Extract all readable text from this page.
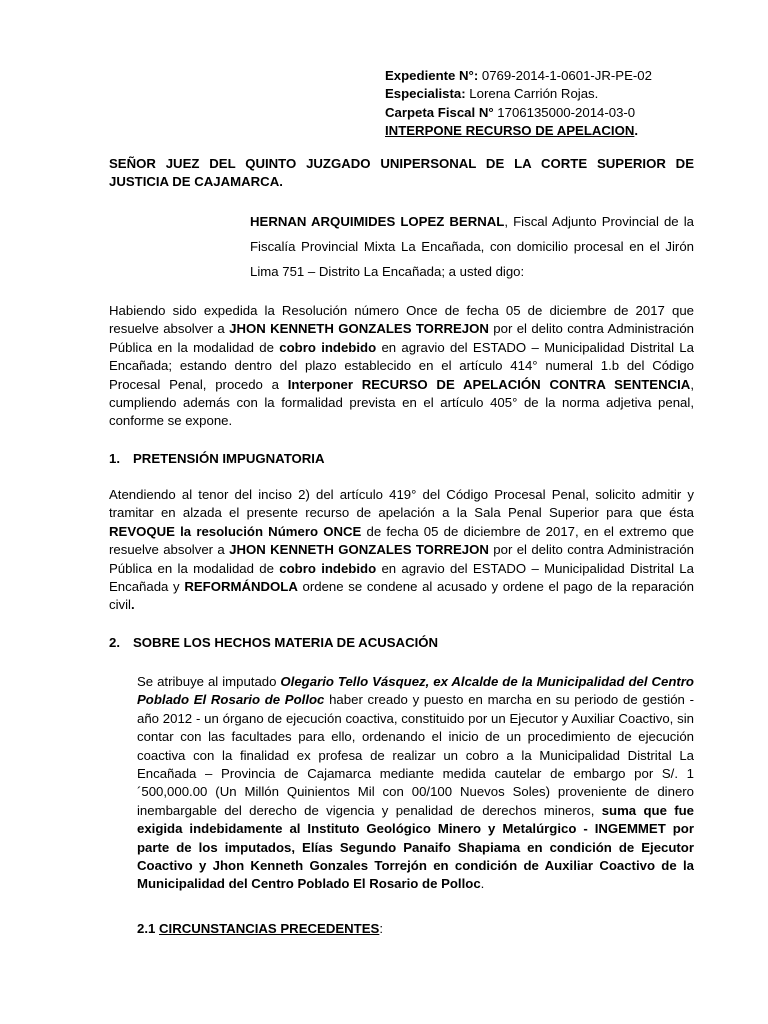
Expediente N°: 0769-2014-1-0601-JR-PE-02
Especialista: Lorena Carrión Rojas.
Carpeta Fiscal N° 1706135000-2014-03-0
INTERPONE RECURSO DE APELACION.
SEÑOR JUEZ DEL QUINTO JUZGADO UNIPERSONAL DE LA CORTE SUPERIOR DE JUSTICIA DE CAJAMARCA.
HERNAN ARQUIMIDES LOPEZ BERNAL, Fiscal Adjunto Provincial de la Fiscalía Provincial Mixta La Encañada, con domicilio procesal en el Jirón Lima 751 – Distrito La Encañada; a usted digo:
Habiendo sido expedida la Resolución número Once de fecha 05 de diciembre de 2017 que resuelve absolver a JHON KENNETH GONZALES TORREJON por el delito contra Administración Pública en la modalidad de cobro indebido en agravio del ESTADO – Municipalidad Distrital La Encañada; estando dentro del plazo establecido en el artículo 414° numeral 1.b del Código Procesal Penal, procedo a Interponer RECURSO DE APELACIÓN CONTRA SENTENCIA, cumpliendo además con la formalidad prevista en el artículo 405° de la norma adjetiva penal, conforme se expone.
1. PRETENSIÓN IMPUGNATORIA
Atendiendo al tenor del inciso 2) del artículo 419° del Código Procesal Penal, solicito admitir y tramitar en alzada el presente recurso de apelación a la Sala Penal Superior para que ésta REVOQUE la resolución Número ONCE de fecha 05 de diciembre de 2017, en el extremo que resuelve absolver a JHON KENNETH GONZALES TORREJON por el delito contra Administración Pública en la modalidad de cobro indebido en agravio del ESTADO – Municipalidad Distrital La Encañada y REFORMÁNDOLA ordene se condene al acusado y ordene el pago de la reparación civil.
2. SOBRE LOS HECHOS MATERIA DE ACUSACIÓN
Se atribuye al imputado Olegario Tello Vásquez, ex Alcalde de la Municipalidad del Centro Poblado El Rosario de Polloc haber creado y puesto en marcha en su periodo de gestión - año 2012 - un órgano de ejecución coactiva, constituido por un Ejecutor y Auxiliar Coactivo, sin contar con las facultades para ello, ordenando el inicio de un procedimiento de ejecución coactiva con la finalidad ex profesa de realizar un cobro a la Municipalidad Distrital La Encañada – Provincia de Cajamarca mediante medida cautelar de embargo por S/. 1´500,000.00 (Un Millón Quinientos Mil con 00/100 Nuevos Soles) proveniente de dinero inembargable del derecho de vigencia y penalidad de derechos mineros, suma que fue exigida indebidamente al Instituto Geológico Minero y Metalúrgico - INGEMMET por parte de los imputados, Elías Segundo Panaifo Shapiama en condición de Ejecutor Coactivo y Jhon Kenneth Gonzales Torrejón en condición de Auxiliar Coactivo de la Municipalidad del Centro Poblado El Rosario de Polloc.
2.1 CIRCUNSTANCIAS PRECEDENTES:
